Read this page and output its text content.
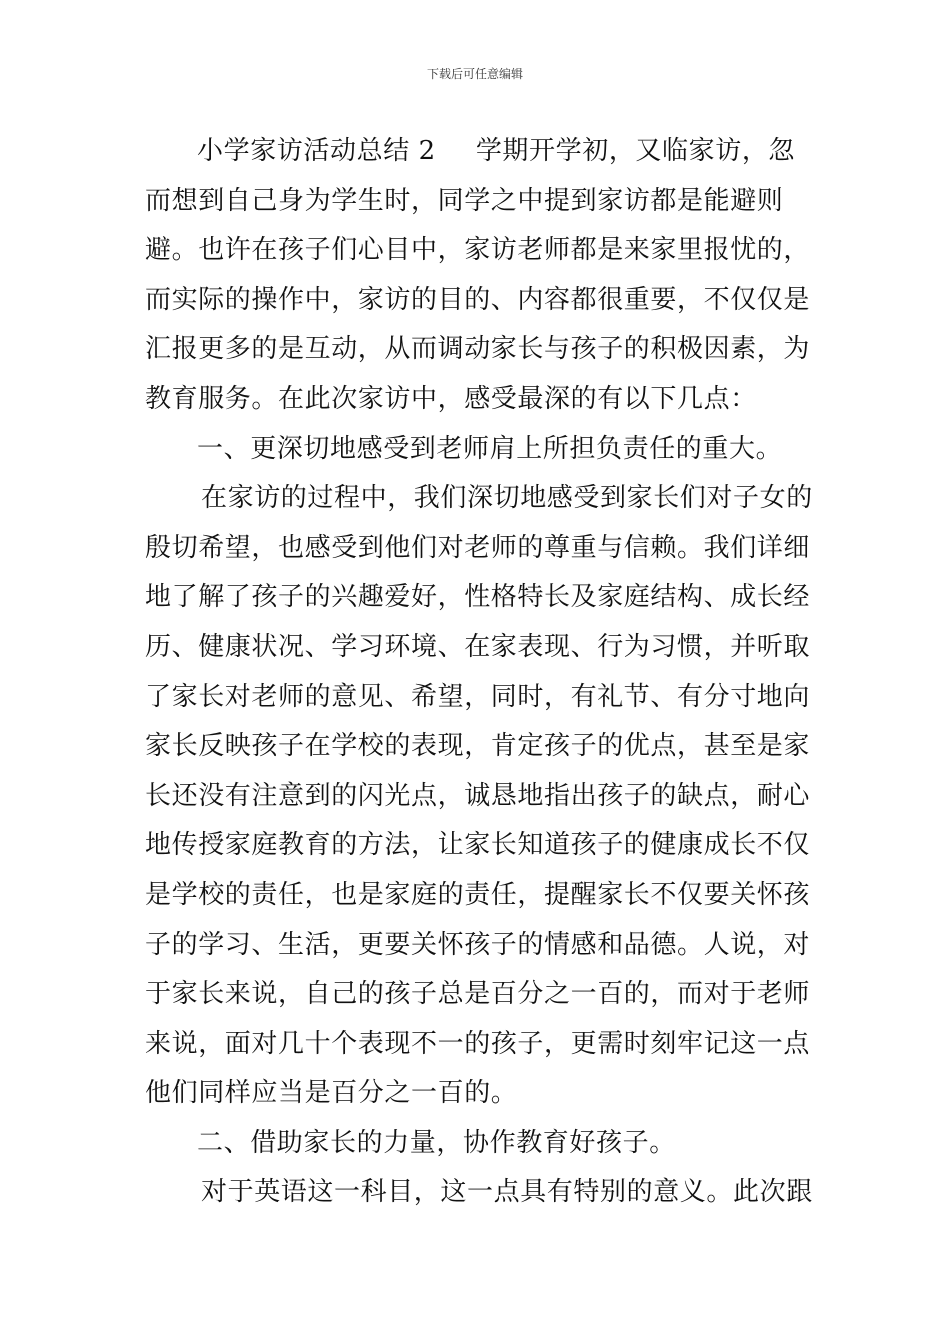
下载后可任意编辑

小学家访活动总结 2 学期开学初，又临家访，忽而想到自己身为学生时，同学之中提到家访都是能避则避。也许在孩子们心目中，家访老师都是来家里报忧的，而实际的操作中，家访的目的、内容都很重要，不仅仅是汇报更多的是互动，从而调动家长与孩子的积极因素，为教育服务。在此次家访中，感受最深的有以下几点：

一、更深切地感受到老师肩上所担负责任的重大。

在家访的过程中，我们深切地感受到家长们对子女的殷切希望，也感受到他们对老师的尊重与信赖。我们详细地了解了孩子的兴趣爱好，性格特长及家庭结构、成长经历、健康状况、学习环境、在家表现、行为习惯，并听取了家长对老师的意见、希望，同时，有礼节、有分寸地向家长反映孩子在学校的表现，肯定孩子的优点，甚至是家长还没有注意到的闪光点，诚恳地指出孩子的缺点，耐心地传授家庭教育的方法，让家长知道孩子的健康成长不仅是学校的责任，也是家庭的责任，提醒家长不仅要关怀孩子的学习、生活，更要关怀孩子的情感和品德。人说，对于家长来说，自己的孩子总是百分之一百的，而对于老师来说，面对几十个表现不一的孩子，更需时刻牢记这一点他们同样应当是百分之一百的。

二、借助家长的力量，协作教育好孩子。

对于英语这一科目，这一点具有特别的意义。此次跟
